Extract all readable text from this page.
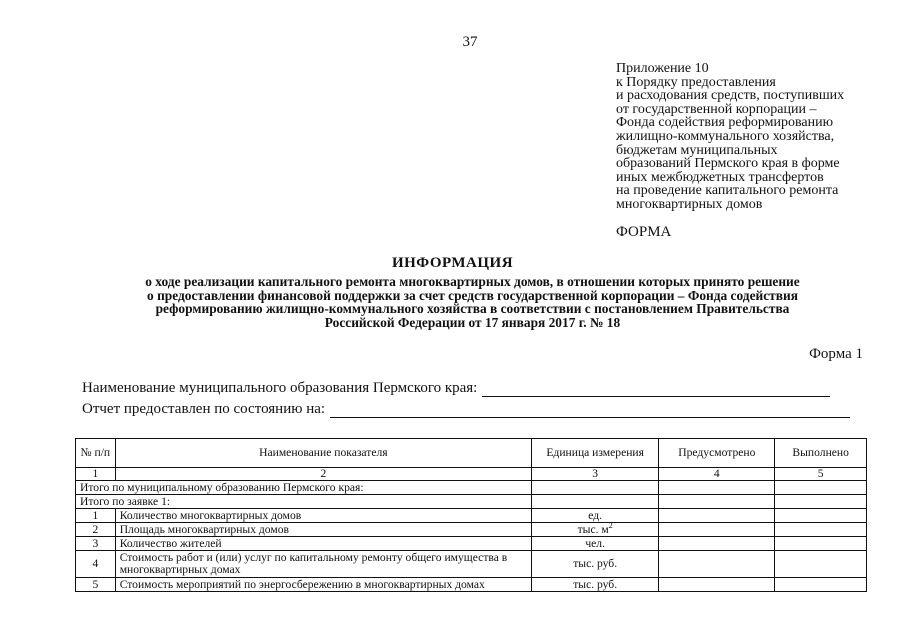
37
Приложение 10
к Порядку предоставления
и расходования средств, поступивших
от государственной корпорации –
Фонда содействия реформированию
жилищно-коммунального хозяйства,
бюджетам муниципальных
образований Пермского края в форме
иных межбюджетных трансфертов
на проведение капитального ремонта
многоквартирных домов
ФОРМА
ИНФОРМАЦИЯ
о ходе реализации капитального ремонта многоквартирных домов, в отношении которых принято решение
о предоставлении финансовой поддержки за счет средств государственной корпорации – Фонда содействия
реформированию жилищно-коммунального хозяйства в соответствии с постановлением Правительства
Российской Федерации от 17 января 2017 г. № 18
Форма 1
Наименование муниципального образования Пермского края:
Отчет предоставлен по состоянию на:
№ п/п	Наименование показателя	Единица измерения	Предусмотрено	Выполнено
1	2	3	4	5
Итого по муниципальному образованию Пермского края:				
Итого по заявке 1:				
1	Количество многоквартирных домов	ед.		
2	Площадь многоквартирных домов	тыс. $м^2$		
3	Количество жителей	чел.		
4	Стоимость работ и (или) услуг по капитальному ремонту общего имущества в многоквартирных домах	тыс. руб.		
5	Стоимость мероприятий по энергосбережению в многоквартирных домах	тыс. руб.		
